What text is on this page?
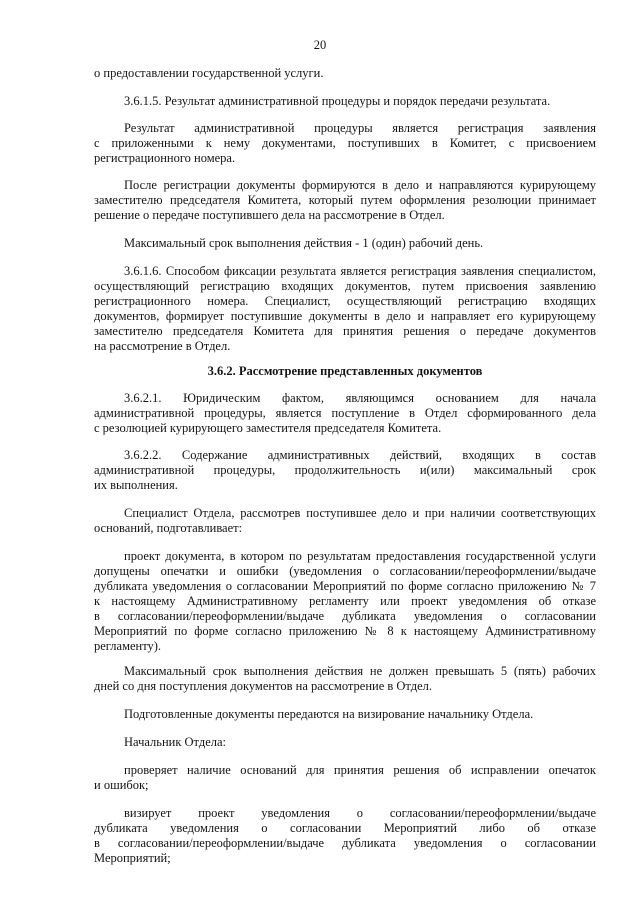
20
о предоставлении государственной услуги.
3.6.1.5. Результат административной процедуры и порядок передачи результата.
Результат административной процедуры является регистрация заявления
с приложенными к нему документами, поступивших в Комитет, с присвоением
регистрационного номера.
После регистрации документы формируются в дело и направляются курирующему
заместителю председателя Комитета, который путем оформления резолюции принимает
решение о передаче поступившего дела на рассмотрение в Отдел.
Максимальный срок выполнения действия - 1 (один) рабочий день.
3.6.1.6. Способом фиксации результата является регистрация заявления специалистом,
осуществляющий регистрацию входящих документов, путем присвоения заявлению
регистрационного номера. Специалист, осуществляющий регистрацию входящих
документов, формирует поступившие документы в дело и направляет его курирующему
заместителю председателя Комитета для принятия решения о передаче документов
на рассмотрение в Отдел.
3.6.2. Рассмотрение представленных документов
3.6.2.1. Юридическим фактом, являющимся основанием для начала
административной процедуры, является поступление в Отдел сформированного дела
с резолюцией курирующего заместителя председателя Комитета.
3.6.2.2. Содержание административных действий, входящих в состав
административной процедуры, продолжительность и(или) максимальный срок
их выполнения.
Специалист Отдела, рассмотрев поступившее дело и при наличии соответствующих
оснований, подготавливает:
проект документа, в котором по результатам предоставления государственной услуги
допущены опечатки и ошибки (уведомления о согласовании/переоформлении/выдаче
дубликата уведомления о согласовании Мероприятий по форме согласно приложению № 7
к настоящему Административному регламенту или проект уведомления об отказе
в согласовании/переоформлении/выдаче дубликата уведомления о согласовании
Мероприятий по форме согласно приложению № 8 к настоящему Административному
регламенту).
Максимальный срок выполнения действия не должен превышать 5 (пять) рабочих
дней со дня поступления документов на рассмотрение в Отдел.
Подготовленные документы передаются на визирование начальнику Отдела.
Начальник Отдела:
проверяет наличие оснований для принятия решения об исправлении опечаток
и ошибок;
визирует проект уведомления о согласовании/переоформлении/выдаче
дубликата уведомления о согласовании Мероприятий либо об отказе
в согласовании/переоформлении/выдаче дубликата уведомления о согласовании
Мероприятий;
